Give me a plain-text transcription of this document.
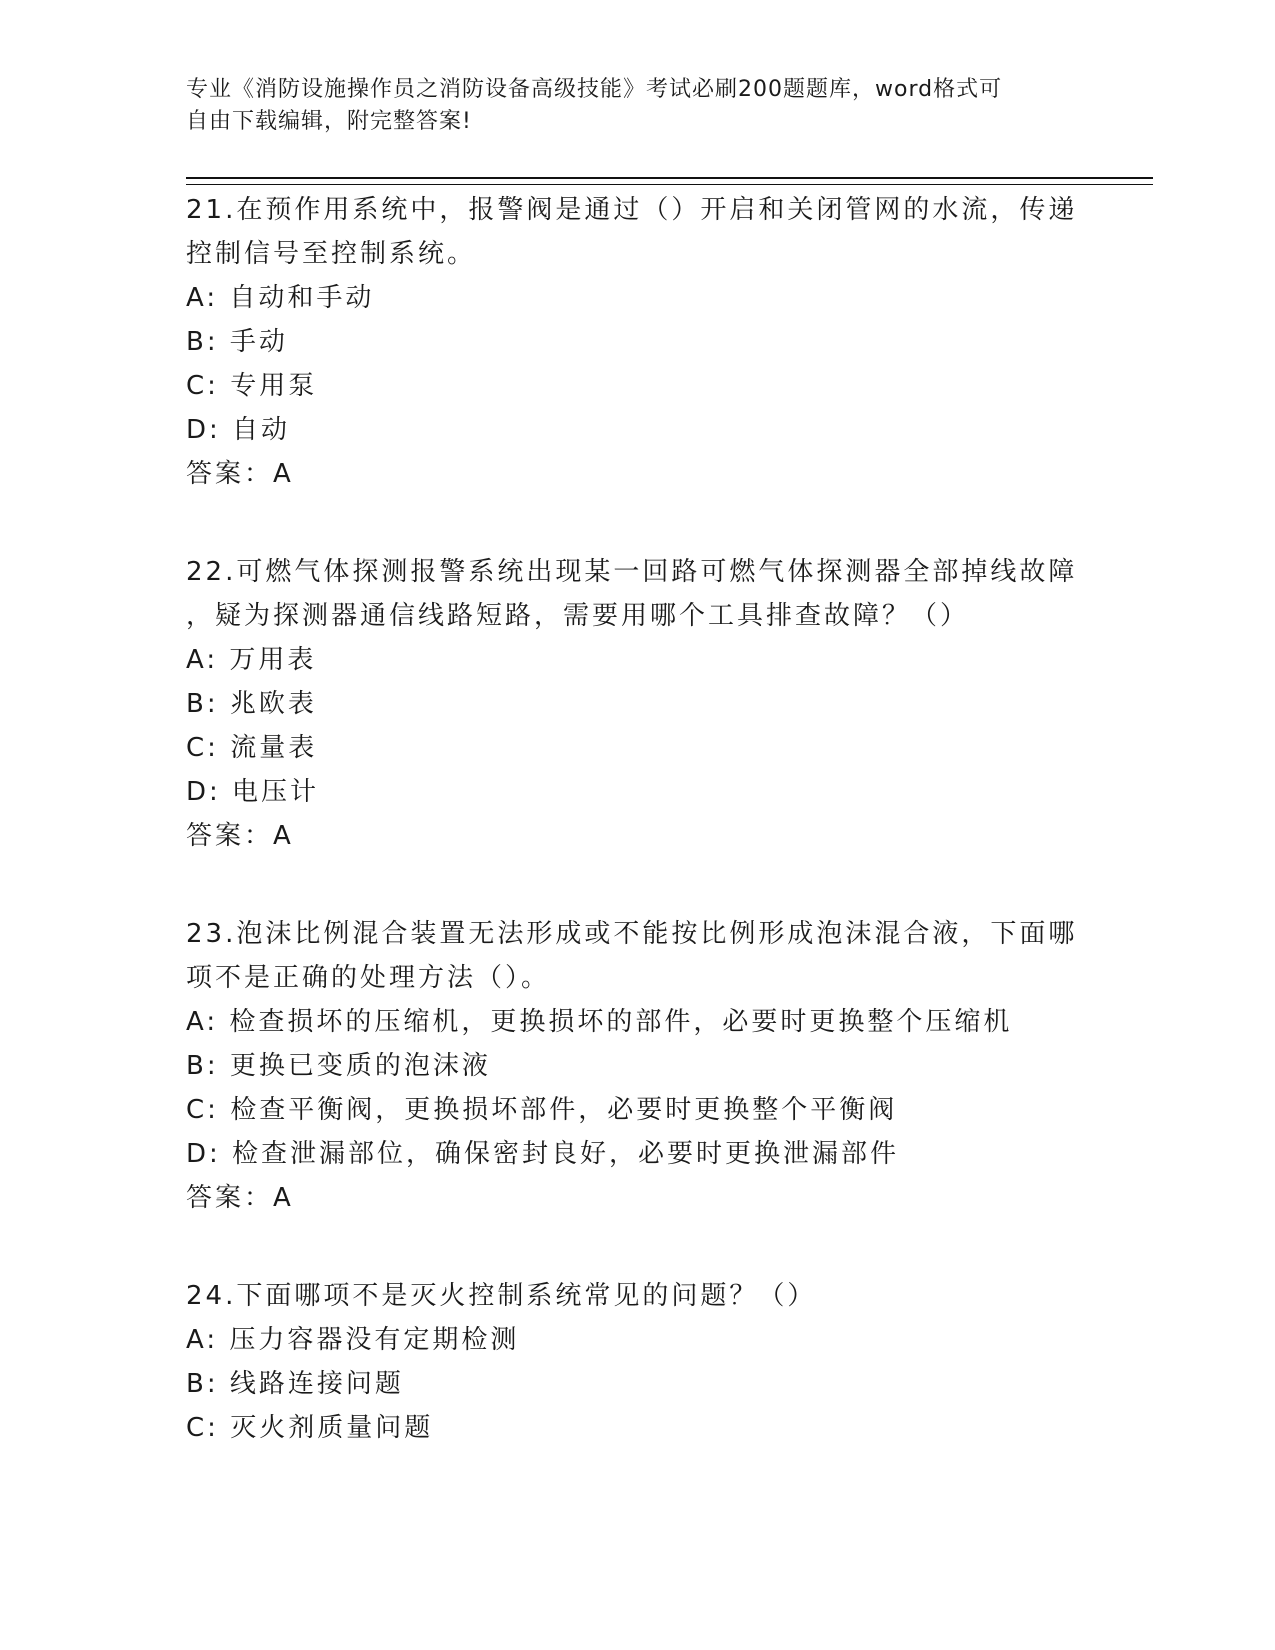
专业《消防设施操作员之消防设备高级技能》考试必刷200题题库，word格式可
自由下载编辑，附完整答案!
21.在预作用系统中，报警阀是通过（）开启和关闭管网的水流，传递
控制信号至控制系统。
A: 自动和手动
B: 手动
C: 专用泵
D: 自动
答案：A
22.可燃气体探测报警系统出现某一回路可燃气体探测器全部掉线故障
，疑为探测器通信线路短路，需要用哪个工具排查故障？（）
A: 万用表
B: 兆欧表
C: 流量表
D: 电压计
答案：A
23.泡沫比例混合装置无法形成或不能按比例形成泡沫混合液，下面哪
项不是正确的处理方法（）。
A: 检查损坏的压缩机，更换损坏的部件，必要时更换整个压缩机
B: 更换已变质的泡沫液
C: 检查平衡阀，更换损坏部件，必要时更换整个平衡阀
D: 检查泄漏部位，确保密封良好，必要时更换泄漏部件
答案：A
24.下面哪项不是灭火控制系统常见的问题？（）
A: 压力容器没有定期检测
B: 线路连接问题
C: 灭火剂质量问题
